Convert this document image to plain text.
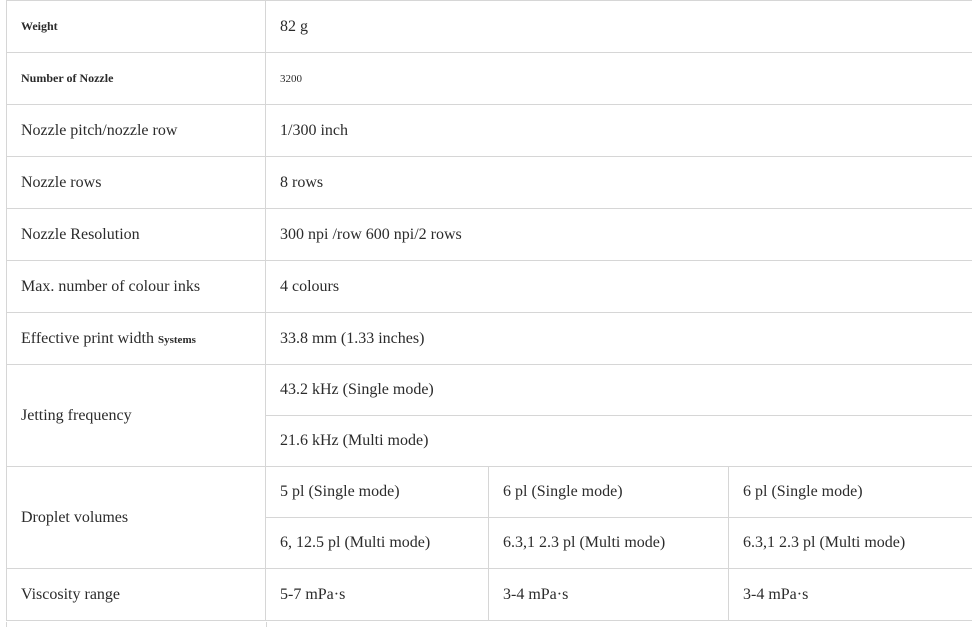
Weight	82 g		
Number of Nozzle	3200		
Nozzle pitch/nozzle row	1/300 inch		
Nozzle rows	8 rows		
Nozzle Resolution	300 npi /row 600 npi/2 rows		
Max. number of colour inks	4 colours		
Effective print width Systems	33.8 mm (1.33 inches)		
Jetting frequency	43.2 kHz (Single mode)		
	21.6 kHz (Multi mode)		
Droplet volumes	5 pl (Single mode)	6 pl (Single mode)	6 pl (Single mode)
	6, 12.5 pl (Multi mode)	6.3,1 2.3 pl (Multi mode)	6.3,1 2.3 pl (Multi mode)
Viscosity range	5-7 mPa·s	3-4 mPa·s	3-4 mPa·s
